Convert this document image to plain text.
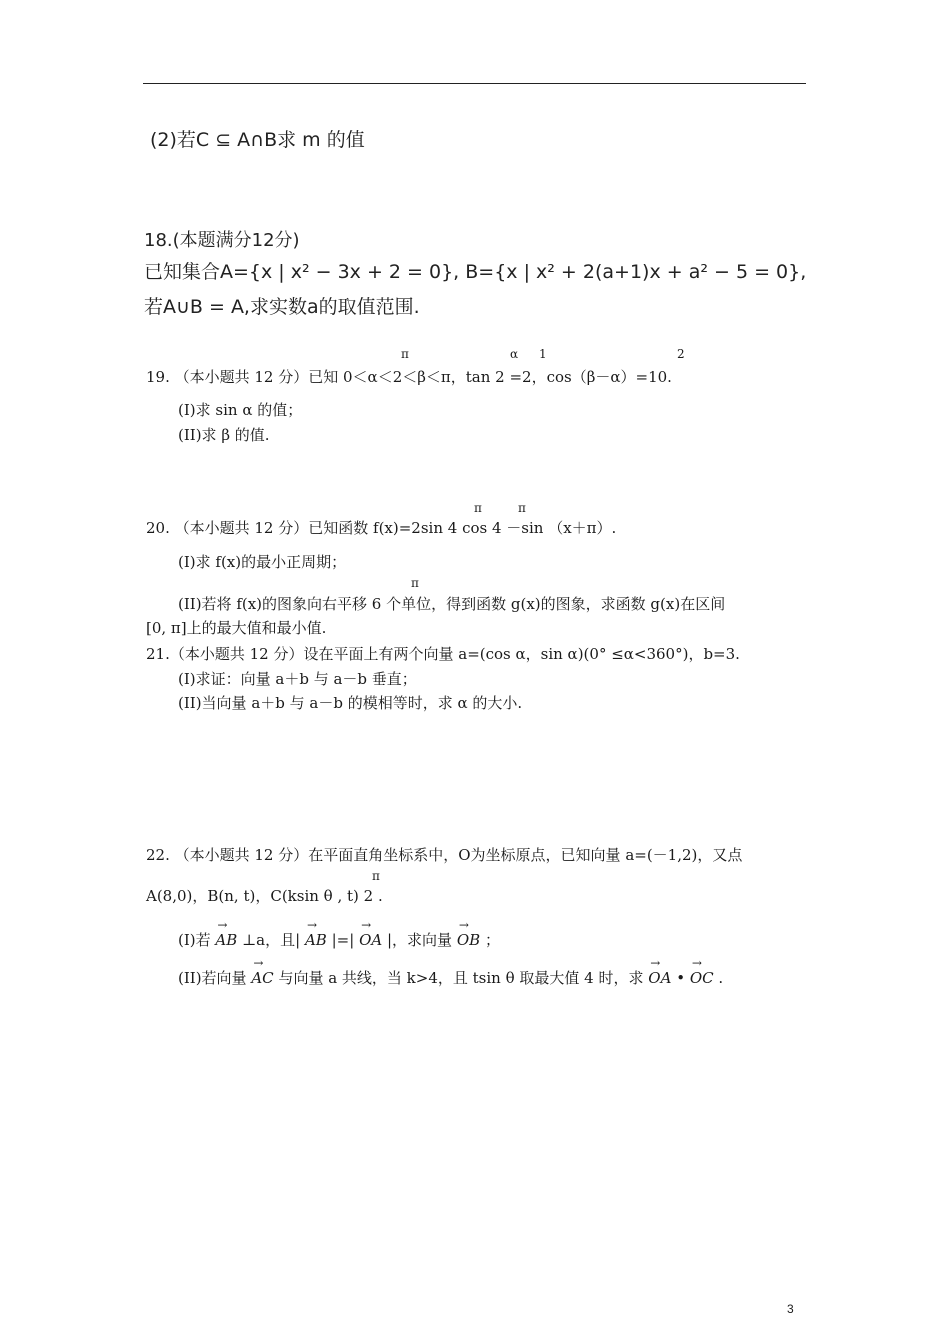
(2)若C ⊆ A∩B求 m 的值
18.(本题满分12分)
已知集合A={x | x² − 3x + 2 = 0}, B={x | x² + 2(a+1)x + a² − 5 = 0},
若A∪B = A,求实数a的取值范围.
π	α 1	2
19. （本小题共 12 分）已知 0＜α＜2＜β＜π，tan 2 =2，cos（β－α）=10.
(I)求 sin α 的值；
(II)求 β 的值.
π	π
20. （本小题共 12 分）已知函数 f(x)=2sin 4 cos 4 －sin （x＋π）.
(I)求 f(x)的最小正周期；
π
(II)若将 f(x)的图象向右平移 6 个单位，得到函数 g(x)的图象，求函数 g(x)在区间
[0, π]上的最大值和最小值.
21.（本小题共 12 分）设在平面上有两个向量 a=(cos α，sin α)(0° ≤α<360°)，b=3.
(I)求证：向量 a＋b 与 a－b 垂直；
(II)当向量 a＋b 与 a－b 的模相等时，求 α 的大小.
22. （本小题共 12 分）在平面直角坐标系中，O为坐标原点，已知向量 a=(－1,2)，又点
π
A(8,0)，B(n, t)，C(ksin θ , t) 2 .
(I)若 → AB ⊥a，且| → AB |=| → OA |，求向量 → OB ；
(II)若向量 → AC 与向量 a 共线，当 k>4，且 tsin θ 取最大值 4 时，求 → OA • → OC .
3
